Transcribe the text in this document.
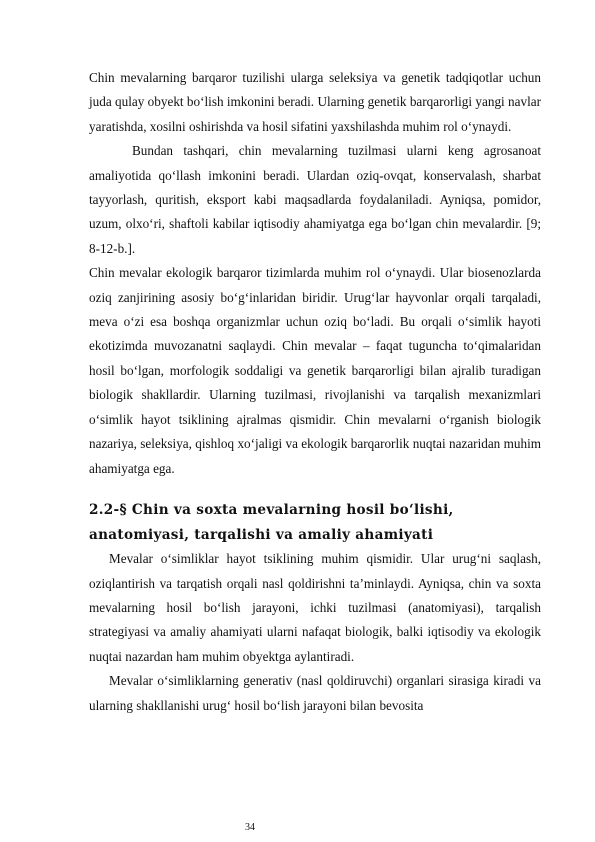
Chin mevalarning barqaror tuzilishi ularga seleksiya va genetik tadqiqotlar uchun juda qulay obyekt bo‘lish imkonini beradi. Ularning genetik barqarorligi yangi navlar yaratishda, xosilni oshirishda va hosil sifatini yaxshilashda muhim rol o‘ynaydi.

Bundan tashqari, chin mevalarning tuzilmasi ularni keng agrosanoat amaliyotida qo‘llash imkonini beradi. Ulardan oziq-ovqat, konservalash, sharbat tayyorlash, quritish, eksport kabi maqsadlarda foydalaniladi. Ayniqsa, pomidor, uzum, olxo‘ri, shaftoli kabilar iqtisodiy ahamiyatga ega bo‘lgan chin mevalardir. [9; 8-12-b.].

Chin mevalar ekologik barqaror tizimlarda muhim rol o‘ynaydi. Ular biosenozlarda oziq zanjirining asosiy bo‘g‘inlaridan biridir. Urug‘lar hayvonlar orqali tarqaladi, meva o‘zi esa boshqa organizmlar uchun oziq bo‘ladi. Bu orqali o‘simlik hayoti ekotizimda muvozanatni saqlaydi. Chin mevalar – faqat tuguncha to‘qimalaridan hosil bo‘lgan, morfologik soddaligi va genetik barqarorligi bilan ajralib turadigan biologik shakllardir. Ularning tuzilmasi, rivojlanishi va tarqalish mexanizmlari o‘simlik hayot tsiklining ajralmas qismidir. Chin mevalarni o‘rganish biologik nazariya, seleksiya, qishloq xo‘jaligi va ekologik barqarorlik nuqtai nazaridan muhim ahamiyatga ega.

2.2-§ Chin va soxta mevalarning hosil bo‘lishi, anatomiyasi, tarqalishi va amaliy ahamiyati

Mevalar o‘simliklar hayot tsiklining muhim qismidir. Ular urug‘ni saqlash, oziqlantirish va tarqatish orqali nasl qoldirishni ta’minlaydi. Ayniqsa, chin va soxta mevalarning hosil bo‘lish jarayoni, ichki tuzilmasi (anatomiyasi), tarqalish strategiyasi va amaliy ahamiyati ularni nafaqat biologik, balki iqtisodiy va ekologik nuqtai nazardan ham muhim obyektga aylantiradi.

Mevalar o‘simliklarning generativ (nasl qoldiruvchi) organlari sirasiga kiradi va ularning shakllanishi urug‘ hosil bo‘lish jarayoni bilan bevosita

34
